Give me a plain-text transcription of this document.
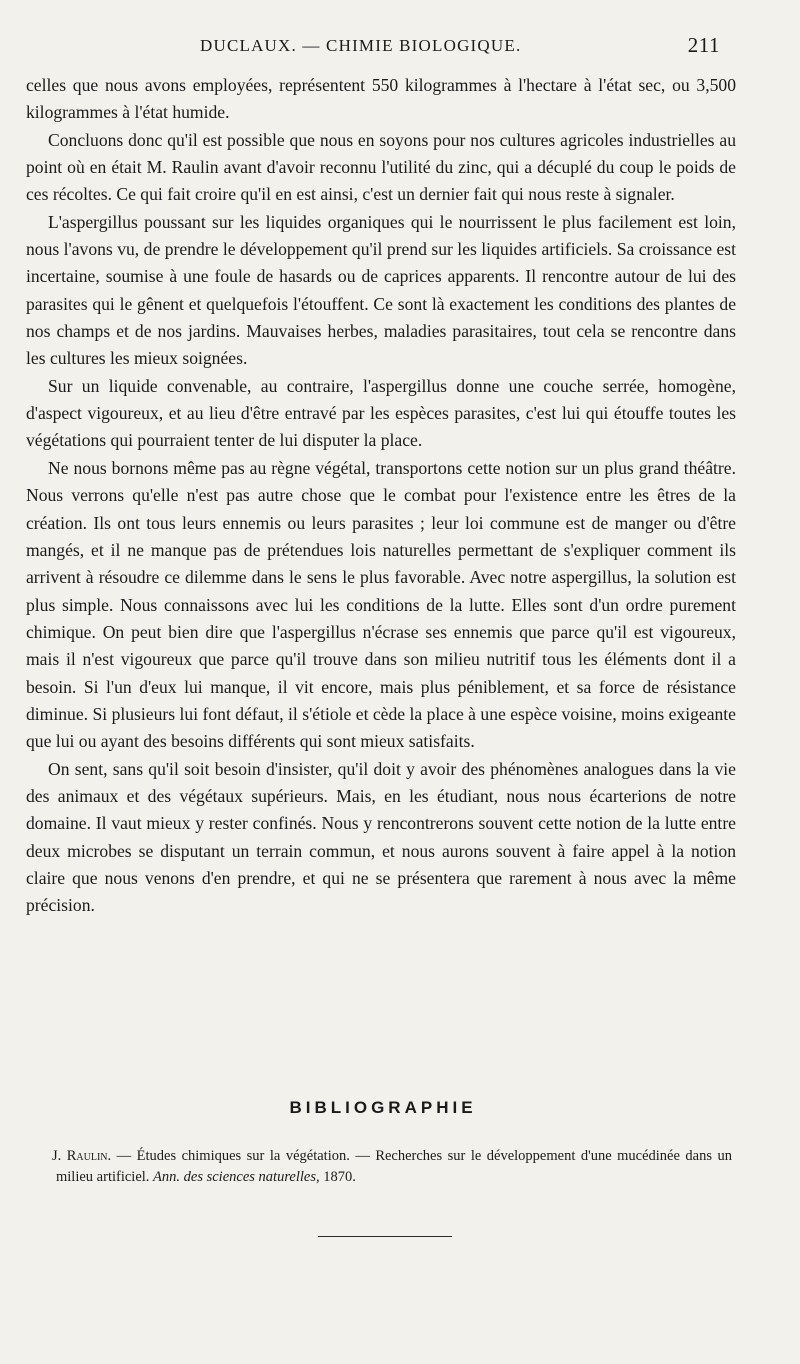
DUCLAUX. — CHIMIE BIOLOGIQUE.	211

celles que nous avons employées, représentent 550 kilogrammes à l'hectare à l'état sec, ou 3,500 kilogrammes à l'état humide.

Concluons donc qu'il est possible que nous en soyons pour nos cultures agricoles industrielles au point où en était M. Raulin avant d'avoir reconnu l'utilité du zinc, qui a décuplé du coup le poids de ces récoltes. Ce qui fait croire qu'il en est ainsi, c'est un dernier fait qui nous reste à signaler.

L'aspergillus poussant sur les liquides organiques qui le nourrissent le plus facilement est loin, nous l'avons vu, de prendre le développement qu'il prend sur les liquides artificiels. Sa croissance est incertaine, soumise à une foule de hasards ou de caprices apparents. Il rencontre autour de lui des parasites qui le gênent et quelquefois l'étouffent. Ce sont là exactement les conditions des plantes de nos champs et de nos jardins. Mauvaises herbes, maladies parasitaires, tout cela se rencontre dans les cultures les mieux soignées.

Sur un liquide convenable, au contraire, l'aspergillus donne une couche serrée, homogène, d'aspect vigoureux, et au lieu d'être entravé par les espèces parasites, c'est lui qui étouffe toutes les végétations qui pourraient tenter de lui disputer la place.

Ne nous bornons même pas au règne végétal, transportons cette notion sur un plus grand théâtre. Nous verrons qu'elle n'est pas autre chose que le combat pour l'existence entre les êtres de la création. Ils ont tous leurs ennemis ou leurs parasites ; leur loi commune est de manger ou d'être mangés, et il ne manque pas de prétendues lois naturelles permettant de s'expliquer comment ils arrivent à résoudre ce dilemme dans le sens le plus favorable. Avec notre aspergillus, la solution est plus simple. Nous connaissons avec lui les conditions de la lutte. Elles sont d'un ordre purement chimique. On peut bien dire que l'aspergillus n'écrase ses ennemis que parce qu'il est vigoureux, mais il n'est vigoureux que parce qu'il trouve dans son milieu nutritif tous les éléments dont il a besoin. Si l'un d'eux lui manque, il vit encore, mais plus péniblement, et sa force de résistance diminue. Si plusieurs lui font défaut, il s'étiole et cède la place à une espèce voisine, moins exigeante que lui ou ayant des besoins différents qui sont mieux satisfaits.

On sent, sans qu'il soit besoin d'insister, qu'il doit y avoir des phénomènes analogues dans la vie des animaux et des végétaux supérieurs. Mais, en les étudiant, nous nous écarterions de notre domaine. Il vaut mieux y rester confinés. Nous y rencontrerons souvent cette notion de la lutte entre deux microbes se disputant un terrain commun, et nous aurons souvent à faire appel à la notion claire que nous venons d'en prendre, et qui ne se présentera que rarement à nous avec la même précision.

BIBLIOGRAPHIE
J. Raulin. — Études chimiques sur la végétation. — Recherches sur le développement d'une mucédinée dans un milieu artificiel. Ann. des sciences naturelles, 1870.
